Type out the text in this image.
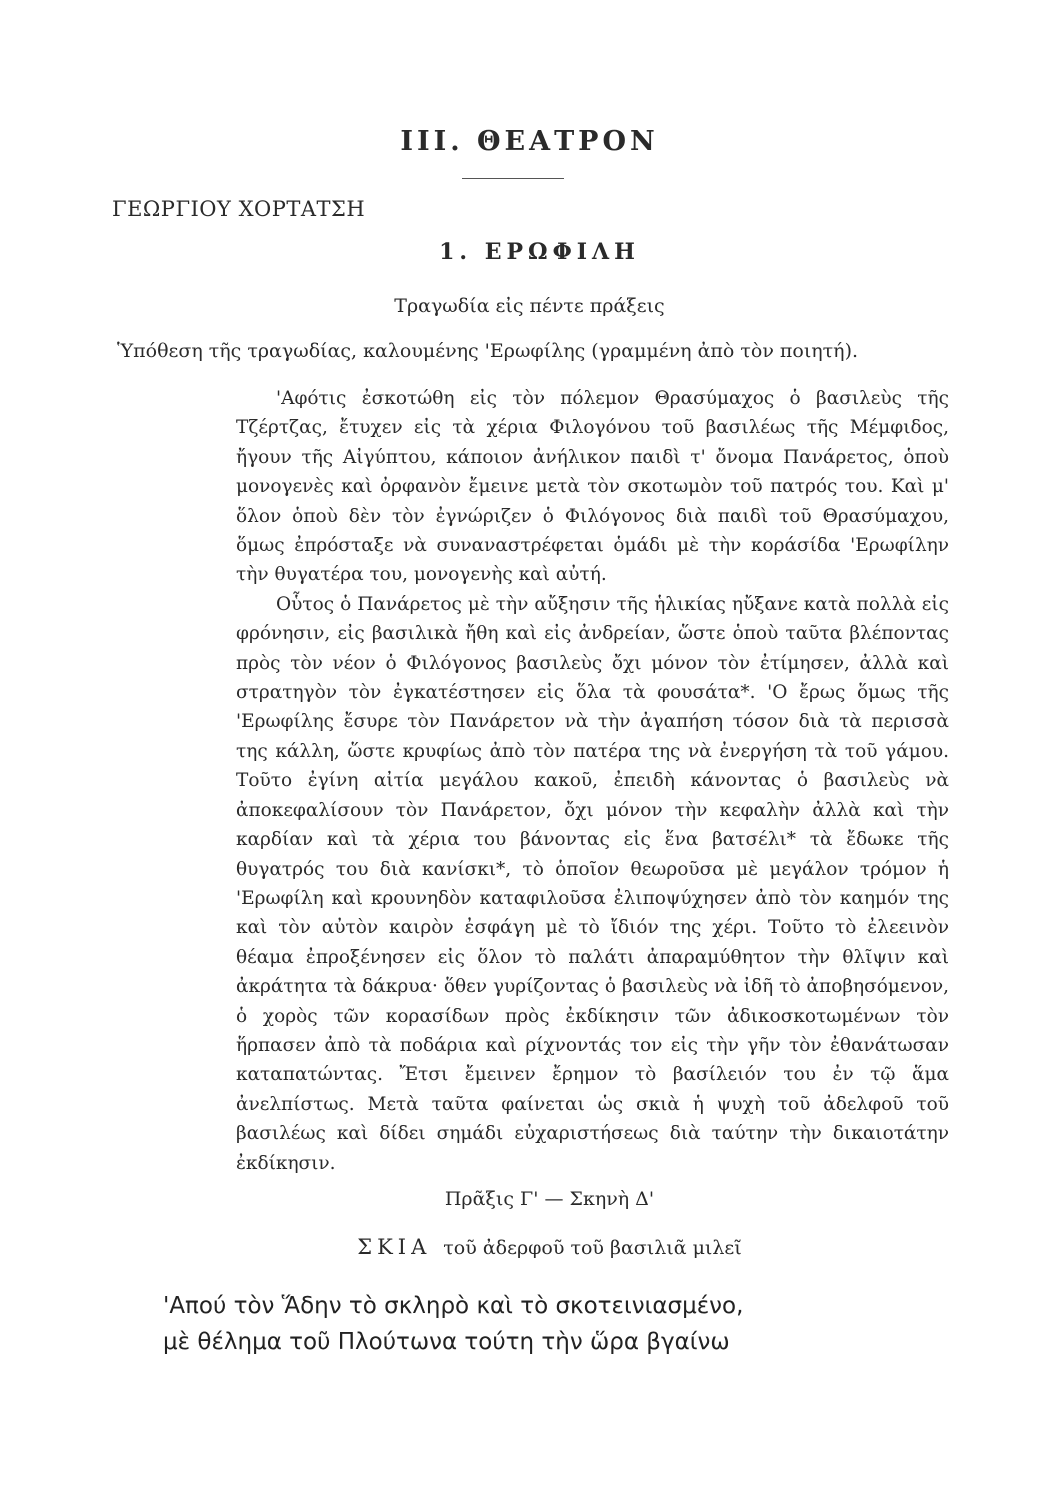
III. ΘΕΑΤΡΟΝ
ΓΕΩΡΓΙΟΥ ΧΟΡΤΑΤΣΗ
1. ΕΡΩΦΙΛΗ
Τραγωδία εἰς πέντε πράξεις
Ὑπόθεση τῆς τραγωδίας, καλουμένης 'Ερωφίλης (γραμμένη ἀπὸ τὸν ποιητή).

'Αφότις ἐσκοτώθη εἰς τὸν πόλεμον Θρασύμαχος ὁ βασιλεὺς τῆς Τζέρτζας, ἔτυχεν εἰς τὰ χέρια Φιλογόνου τοῦ βασιλέως τῆς Μέμφιδος, ἤγουν τῆς Αἰγύπτου, κάποιον ἀνήλικον παιδὶ τ' ὄνομα Πανάρετος, ὁποὺ μονογενὲς καὶ ὀρφανὸν ἔμεινε μετὰ τὸν σκοτωμὸν τοῦ πατρός του. Καὶ μ' ὅλον ὁποὺ δὲν τὸν ἐγνώριζεν ὁ Φιλόγονος διὰ παιδὶ τοῦ Θρασύμαχου, ὅμως ἐπρόσταξε νὰ συναναστρέφεται ὁμάδι μὲ τὴν κοράσίδα 'Ερωφίλην τὴν θυγατέρα του, μονογενὴς καὶ αὐτή.

Οὗτος ὁ Πανάρετος μὲ τὴν αὔξησιν τῆς ἡλικίας ηὔξανε κατὰ πολλὰ εἰς φρόνησιν, εἰς βασιλικὰ ἤθη καὶ εἰς ἀνδρείαν, ὥστε ὁποὺ ταῦτα βλέποντας πρὸς τὸν νέον ὁ Φιλόγονος βασιλεὺς ὄχι μόνον τὸν ἐτίμησεν, ἀλλὰ καὶ στρατηγὸν τὸν ἐγκατέστησεν εἰς ὅλα τὰ φουσάτα*. 'Ο ἔρως ὅμως τῆς 'Ερωφίλης ἔσυρε τὸν Πανάρετον νὰ τὴν ἀγαπήση τόσον διὰ τὰ περισσὰ της κάλλη, ὥστε κρυφίως ἀπὸ τὸν πατέρα της νὰ ἐνεργήση τὰ τοῦ γάμου. Τοῦτο ἐγίνη αἰτία μεγάλου κακοῦ, ἐπειδὴ κάνοντας ὁ βασιλεὺς νὰ ἀποκεφαλίσουν τὸν Πανάρετον, ὄχι μόνον τὴν κεφαλὴν ἀλλὰ καὶ τὴν καρδίαν καὶ τὰ χέρια του βάνοντας εἰς ἕνα βατσέλι* τὰ ἔδωκε τῆς θυγατρός του διὰ κανίσκι*, τὸ ὁποῖον θεωροῦσα μὲ μεγάλον τρόμον ἡ 'Ερωφίλη καὶ κρουνηδὸν καταφιλοῦσα ἐλιποψύχησεν ἀπὸ τὸν καημόν της καὶ τὸν αὐτὸν καιρὸν ἐσφάγη μὲ τὸ ἴδιόν της χέρι. Τοῦτο τὸ ἐλεεινὸν θέαμα ἐπροξένησεν εἰς ὅλον τὸ παλάτι ἀπαραμύθητον τὴν θλῖψιν καὶ ἀκράτητα τὰ δάκρυα· ὅθεν γυρίζοντας ὁ βασιλεὺς νὰ ἰδῆ τὸ ἀποβησόμενον, ὁ χορὸς τῶν κορασίδων πρὸς ἐκδίκησιν τῶν ἀδικοσκοτωμένων τὸν ἥρπασεν ἀπὸ τὰ ποδάρια καὶ ρίχνοντάς τον εἰς τὴν γῆν τὸν ἐθανάτωσαν καταπατώντας. Ἔτσι ἔμεινεν ἔρημον τὸ βασίλειόν του ἐν τῷ ἅμα ἀνελπίστως. Μετὰ ταῦτα φαίνεται ὡς σκιὰ ἡ ψυχὴ τοῦ ἀδελφοῦ τοῦ βασιλέως καὶ δίδει σημάδι εὐχαριστήσεως διὰ ταύτην τὴν δικαιοτάτην ἐκδίκησιν.

Πρᾶξις Γ' — Σκηνὴ Δ'
ΣΚΙΑ τοῦ ἀδερφοῦ τοῦ βασιλιᾶ μιλεῖ
'Απού τὸν Ἅδην τὸ σκληρὸ καὶ τὸ σκοτεινιασμένο,
μὲ θέλημα τοῦ Πλούτωνα τούτη τὴν ὥρα βγαίνω
